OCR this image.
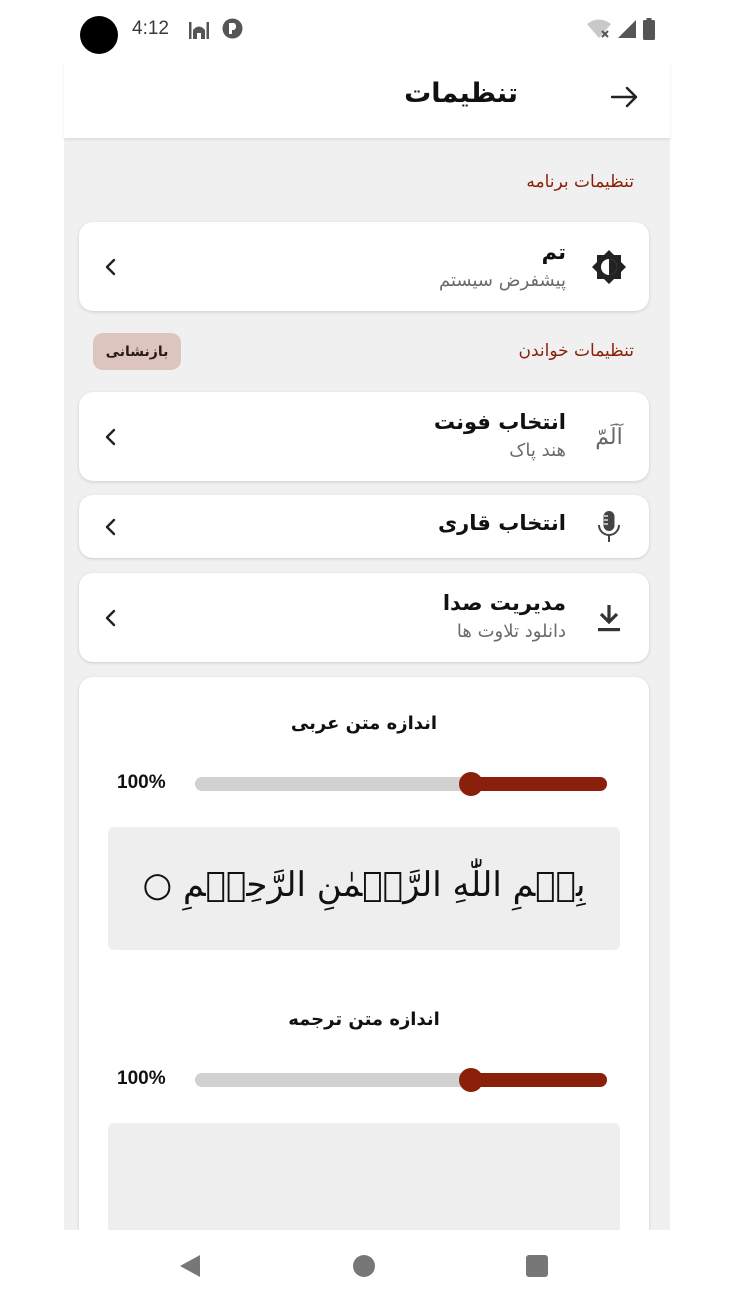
4:12
تنظیمات
تنظیمات برنامه
تم
پیشفرض سیستم
تنظیمات خواندن
بازنشانی
آلَمّ
انتخاب فونت
هند پاک
انتخاب قاری
مدیریت صدا
دانلود تلاوت ها
اندازه متن عربی
100%
بِسۡمِ اللّٰهِ الرَّحۡمٰنِ الرَّحِيۡمِ ○
اندازه متن ترجمه
100%
